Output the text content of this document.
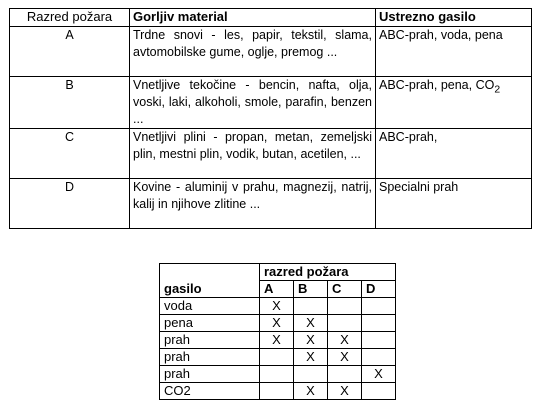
Razred požara	Gorljiv material	Ustrezno gasilo
A	Trdne snovi - les, papir, tekstil, slama, avtomobilske gume, oglje, premog ...	ABC-prah, voda, pena
B	Vnetljive tekočine - bencin, nafta, olja, voski, laki, alkoholi, smole, parafin, benzen ...	ABC-prah, pena, $CO_2$
C	Vnetljivi plini - propan, metan, zemeljski plin, mestni plin, vodik, butan, acetilen, ...	ABC-prah,
D	Kovine - aluminij v prahu, magnezij, natrij, kalij in njihove zlitine ...	Specialni prah
	razred požara			
gasilo	A	B	C	D
voda	X			
pena	X	X		
prah	X	X	X	
prah		X	X	
prah				X
CO2		X	X	
